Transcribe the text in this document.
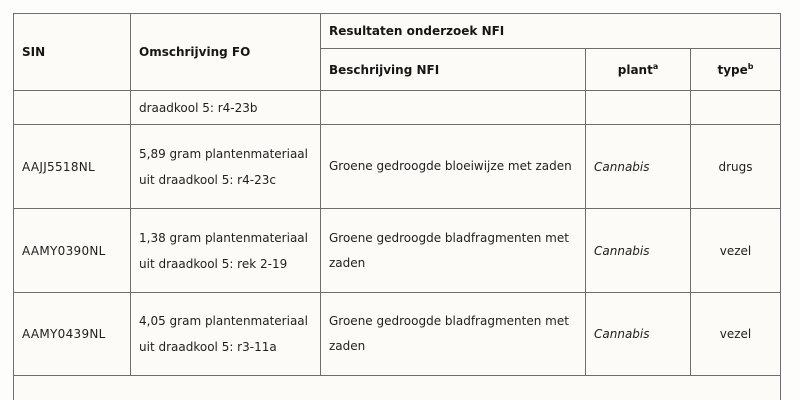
SIN	Omschrijving FO	Resultaten onderzoek NFI		
		Beschrijving NFI	plant$^a$	type$^b$
	draadkool 5: r4-23b			
AAJJ5518NL	5,89 gram plantenmateriaal uit draadkool 5: r4-23c	Groene gedroogde bloeiwijze met zaden	Cannabis	drugs
AAMY0390NL	1,38 gram plantenmateriaal uit draadkool 5: rek 2-19	Groene gedroogde bladfragmenten met zaden	Cannabis	vezel
AAMY0439NL	4,05 gram plantenmateriaal uit draadkool 5: r3-11a	Groene gedroogde bladfragmenten met zaden	Cannabis	vezel
